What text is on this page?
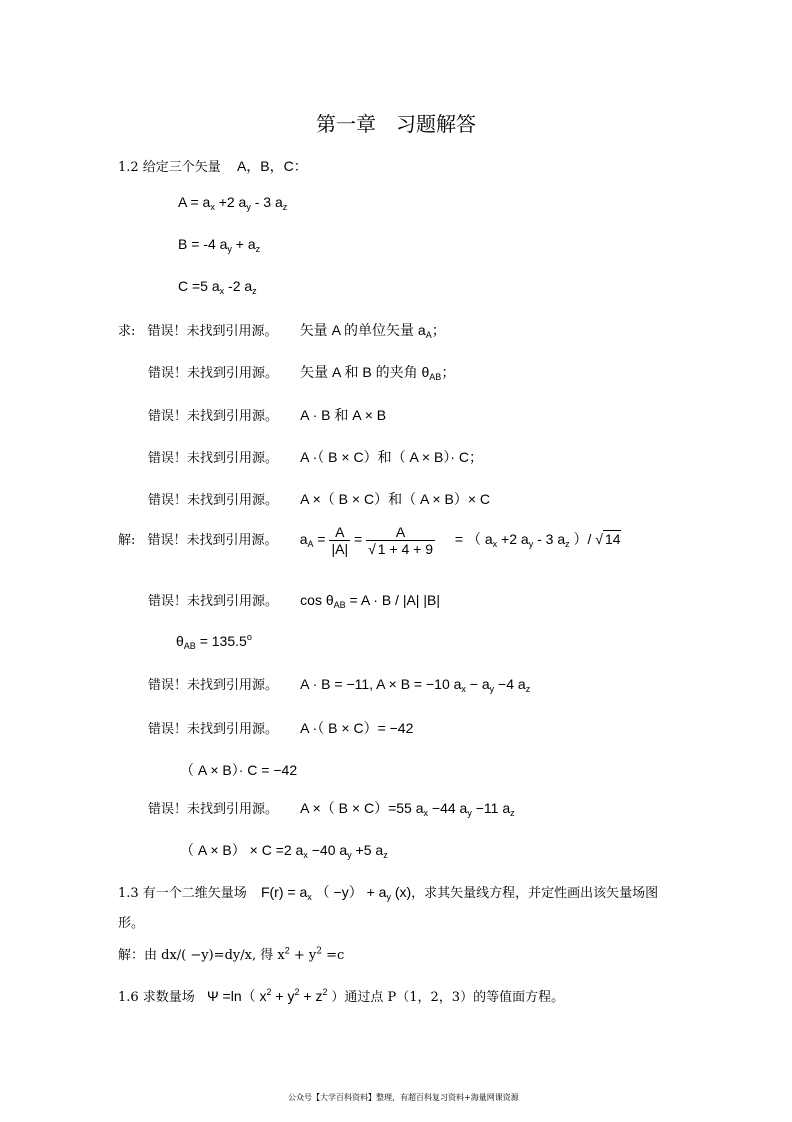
第一章　习题解答
1.2 给定三个矢量 A，B，C：
$A = a_x +2$ $a_y - 3$ $a_z$
B = -4 $a_y + a_z$
C =5 $a_x$ -2 $a_z$
求: 错误！未找到引用源。 矢量 A 的单位矢量 $a_A$；
错误！未找到引用源。 矢量 A 和 B 的夹角 $\theta_{AB}$；
错误！未找到引用源。 A · B 和 A × B
错误！未找到引用源。 A ·（ B × C）和（ A × B）· C；
错误！未找到引用源。 A ×（ B × C）和（ A × B）× C
解: 错误！未找到引用源。 $a_A = \frac{A}{|A|} = \frac{A}{√ 1 + 4 + 9}$ = （ $a_x +2$ $a_y - 3$ $a_z$ ）/ √ 14
错误！未找到引用源。 $\cos \theta_{AB} = A \cdot B / |A|$ |B|
$\theta_{AB} = 135.5^o$
错误！未找到引用源。 A · B = −11, A × B = −10 $a_x - a_y -4$ $a_z$
错误！未找到引用源。 A ·（ B × C）= −42
（ A × B）· C = −42
错误！未找到引用源。 A ×（ B × C）=55 $a_x -44$ $a_y -11$ $a_z$
（ A × B） × C =2 $a_x -40$ $a_y +5$ $a_z$
1.3 有一个二维矢量场 $F(r) = a_x$ （ $-y) + a_y$ (x)，求其矢量线方程，并定性画出该矢量场图
形。
解：由 dx/( −y)=dy/x, 得 $x^2 + y^2 =c$
1.6 求数量场 Ψ =ln（ $x^2 + y^2 + z^2$ ）通过点 P（1，2，3）的等值面方程。
公众号【大学百科资料】整理，有超百科复习资料+海量网课资源
